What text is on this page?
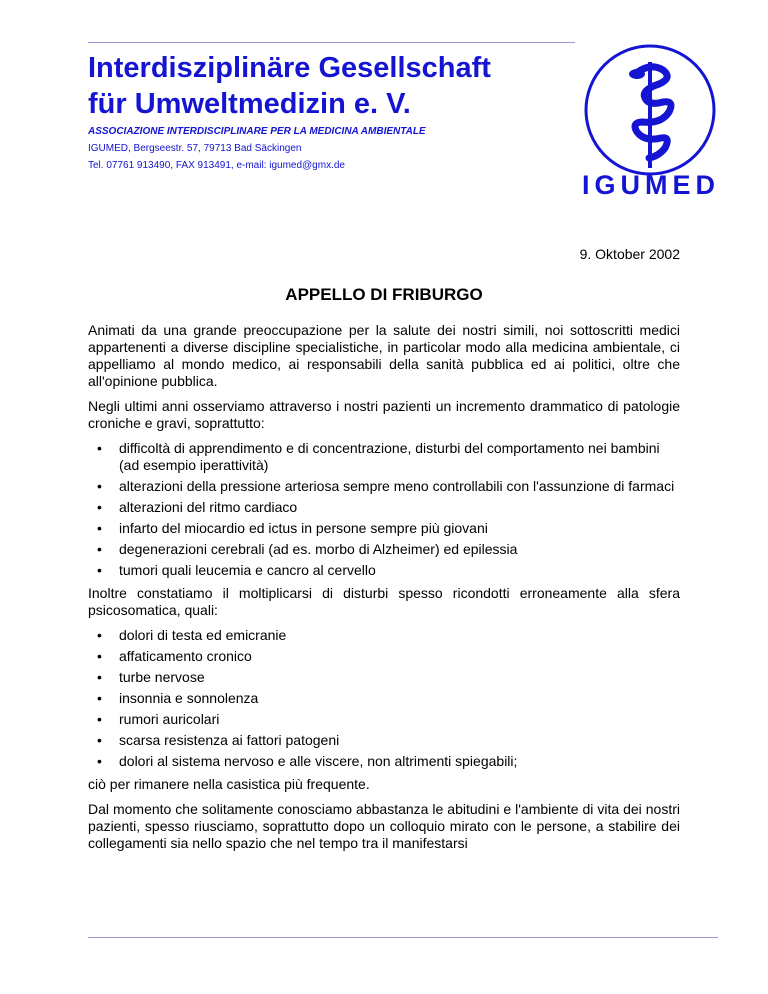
Interdisziplinäre Gesellschaft
für Umweltmedizin e. V.
ASSOCIAZIONE INTERDISCIPLINARE PER LA MEDICINA AMBIENTALE
IGUMED, Bergseestr. 57, 79713 Bad Säckingen
Tel. 07761 913490, FAX 913491, e-mail: igumed@gmx.de
IGUMED
9. Oktober 2002
APPELLO DI FRIBURGO

Animati da una grande preoccupazione per la salute dei nostri simili, noi sottoscritti medici appartenenti a diverse discipline specialistiche, in particolar modo alla medicina ambientale, ci appelliamo al mondo medico, ai responsabili della sanità pubblica ed ai politici, oltre che all'opinione pubblica.

Negli ultimi anni osserviamo attraverso i nostri pazienti un incremento drammatico di patologie croniche e gravi, soprattutto:

• difficoltà di apprendimento e di concentrazione, disturbi del comportamento nei bambini (ad esempio iperattività)
• alterazioni della pressione arteriosa sempre meno controllabili con l'assunzione di farmaci
• alterazioni del ritmo cardiaco
• infarto del miocardio ed ictus in persone sempre più giovani
• degenerazioni cerebrali (ad es. morbo di Alzheimer) ed epilessia
• tumori quali leucemia e cancro al cervello

Inoltre constatiamo il moltiplicarsi di disturbi spesso ricondotti erroneamente alla sfera psicosomatica, quali:

• dolori di testa ed emicranie
• affaticamento cronico
• turbe nervose
• insonnia e sonnolenza
• rumori auricolari
• scarsa resistenza ai fattori patogeni
• dolori al sistema nervoso e alle viscere, non altrimenti spiegabili;

ciò per rimanere nella casistica più frequente.

Dal momento che solitamente conosciamo abbastanza le abitudini e l'ambiente di vita dei nostri pazienti, spesso riusciamo, soprattutto dopo un colloquio mirato con le persone, a stabilire dei collegamenti sia nello spazio che nel tempo tra il manifestarsi
